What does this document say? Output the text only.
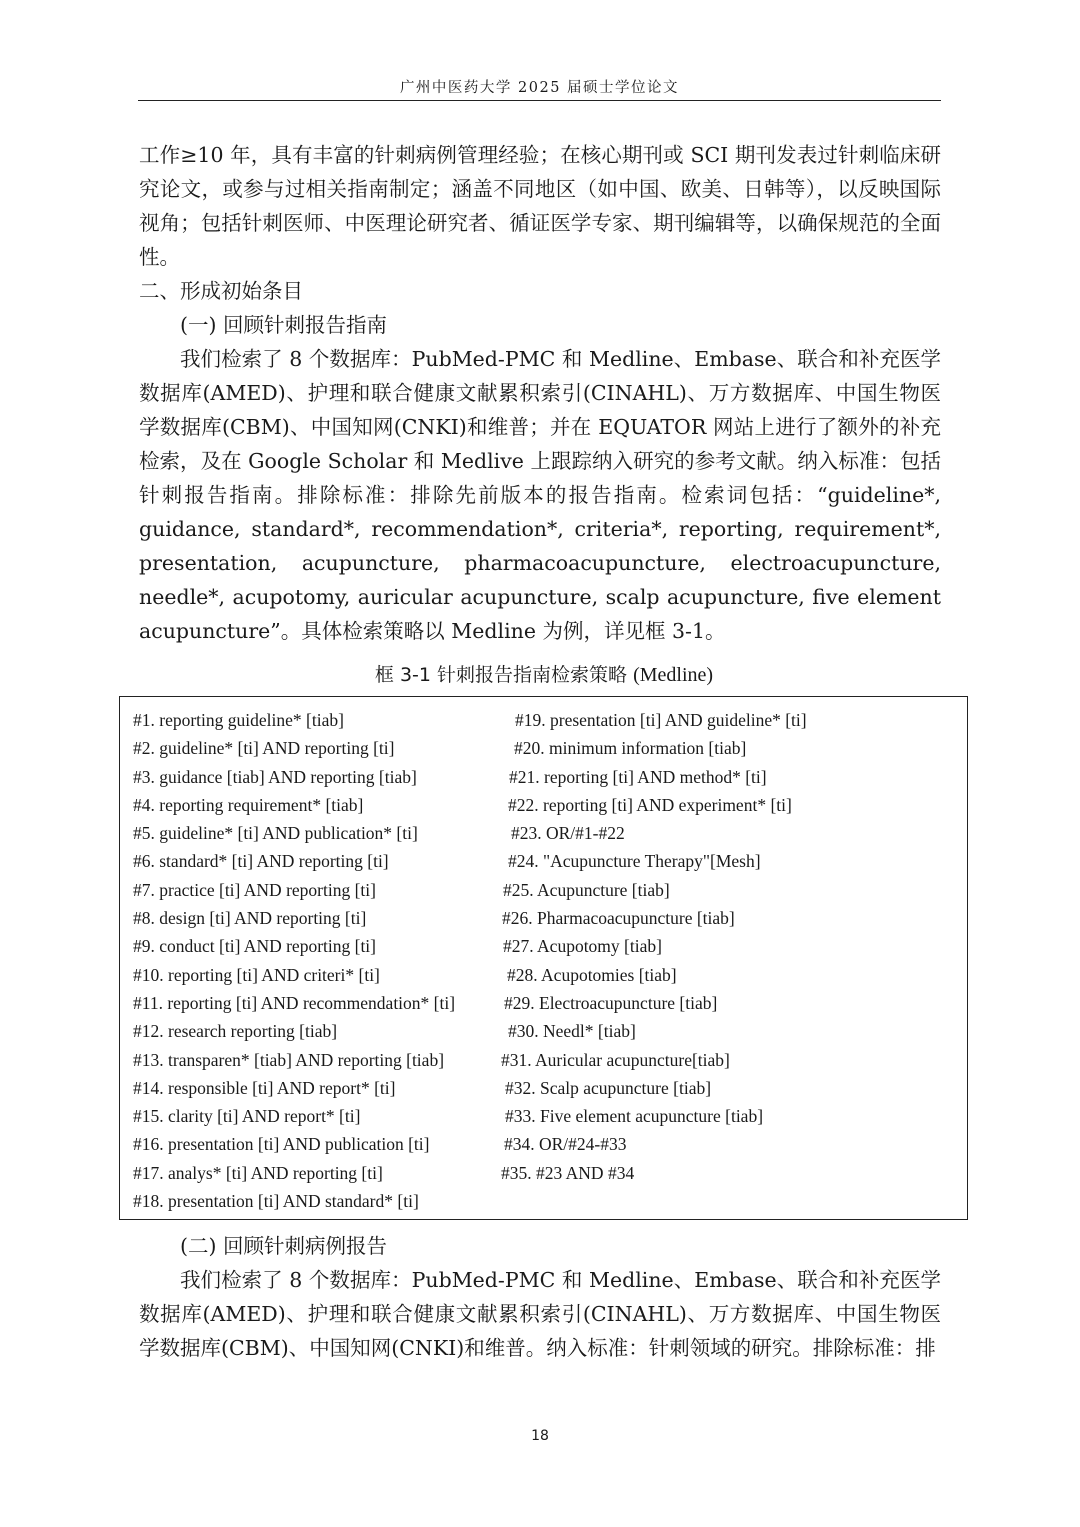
广州中医药大学 2025 届硕士学位论文

工作≥10 年，具有丰富的针刺病例管理经验；在核心期刊或 SCI 期刊发表过针刺临床研究论文，或参与过相关指南制定；涵盖不同地区（如中国、欧美、日韩等），以反映国际视角；包括针刺医师、中医理论研究者、循证医学专家、期刊编辑等，以确保规范的全面性。

二、形成初始条目

(一) 回顾针刺报告指南

我们检索了 8 个数据库：PubMed-PMC 和 Medline、Embase、联合和补充医学数据库(AMED)、护理和联合健康文献累积索引(CINAHL)、万方数据库、中国生物医学数据库(CBM)、中国知网(CNKI)和维普；并在 EQUATOR 网站上进行了额外的补充检索，及在 Google Scholar 和 Medlive 上跟踪纳入研究的参考文献。纳入标准：包括针刺报告指南。排除标准：排除先前版本的报告指南。检索词包括：“guideline*, guidance, standard*, recommendation*, criteria*, reporting, requirement*, presentation, acupuncture, pharmacoacupuncture, electroacupuncture, needle*, acupotomy, auricular acupuncture, scalp acupuncture, five element acupuncture”。具体检索策略以 Medline 为例，详见框 3-1。

框 3-1 针刺报告指南检索策略 (Medline)
#1. reporting guideline* [tiab]	#19. presentation [ti] AND guideline* [ti]
#2. guideline* [ti] AND reporting [ti]	#20. minimum information [tiab]
#3. guidance [tiab] AND reporting [tiab]	#21. reporting [ti] AND method* [ti]
#4. reporting requirement* [tiab]	#22. reporting [ti] AND experiment* [ti]
#5. guideline* [ti] AND publication* [ti]	#23. OR/#1-#22
#6. standard* [ti] AND reporting [ti]	#24. "Acupuncture Therapy"[Mesh]
#7. practice [ti] AND reporting [ti]	#25. Acupuncture [tiab]
#8. design [ti] AND reporting [ti]	#26. Pharmacoacupuncture [tiab]
#9. conduct [ti] AND reporting [ti]	#27. Acupotomy [tiab]
#10. reporting [ti] AND criteri* [ti]	#28. Acupotomies [tiab]
#11. reporting [ti] AND recommendation* [ti]	#29. Electroacupuncture [tiab]
#12. research reporting [tiab]	#30. Needl* [tiab]
#13. transparen* [tiab] AND reporting [tiab]	#31. Auricular acupuncture[tiab]
#14. responsible [ti] AND report* [ti]	#32. Scalp acupuncture [tiab]
#15. clarity [ti] AND report* [ti]	#33. Five element acupuncture [tiab]
#16. presentation [ti] AND publication [ti]	#34. OR/#24-#33
#17. analys* [ti] AND reporting [ti]	#35. #23 AND #34
#18. presentation [ti] AND standard* [ti]

(二) 回顾针刺病例报告

我们检索了 8 个数据库：PubMed-PMC 和 Medline、Embase、联合和补充医学数据库(AMED)、护理和联合健康文献累积索引(CINAHL)、万方数据库、中国生物医学数据库(CBM)、中国知网(CNKI)和维普。纳入标准：针刺领域的研究。排除标准：排

18
